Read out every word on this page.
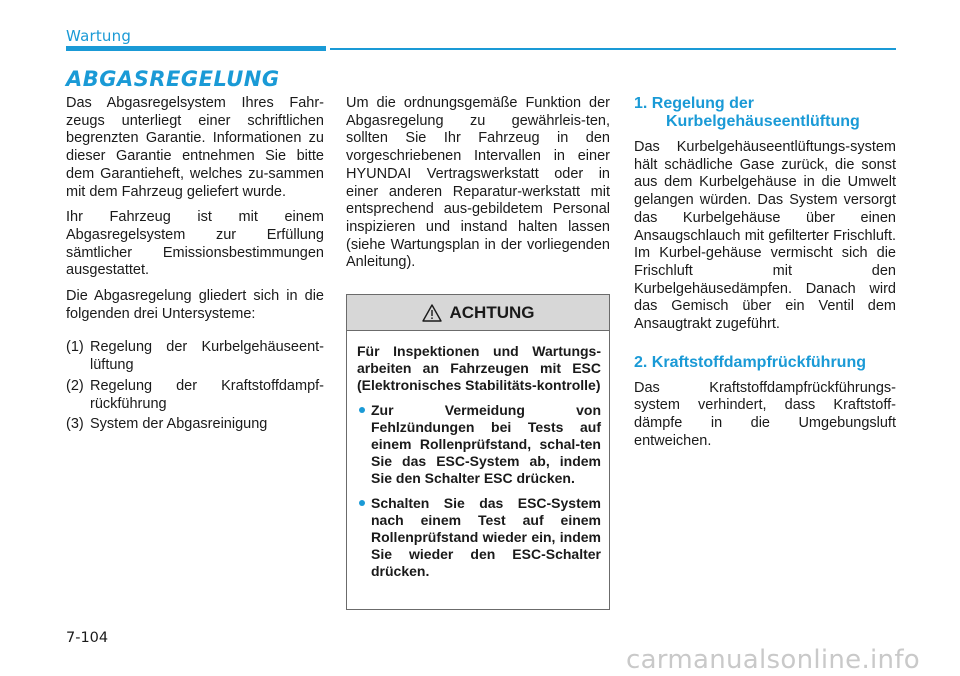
Wartung
ABGASREGELUNG

Das Abgasregelsystem Ihres Fahr-zeugs unterliegt einer schriftlichen begrenzten Garantie. Informationen zu dieser Garantie entnehmen Sie bitte dem Garantieheft, welches zu-sammen mit dem Fahrzeug geliefert wurde.

Ihr Fahrzeug ist mit einem Abgasregelsystem zur Erfüllung sämtlicher Emissionsbestimmungen ausgestattet.

Die Abgasregelung gliedert sich in die folgenden drei Untersysteme:

(1) Regelung der Kurbelgehäuseent-lüftung
(2) Regelung der Kraftstoffdampf-rückführung
(3) System der Abgasreinigung

Um die ordnungsgemäße Funktion der Abgasregelung zu gewährleis-ten, sollten Sie Ihr Fahrzeug in den vorgeschriebenen Intervallen in einer HYUNDAI Vertragswerkstatt oder in einer anderen Reparatur-werkstatt mit entsprechend aus-gebildetem Personal inspizieren und instand halten lassen (siehe Wartungsplan in der vorliegenden Anleitung).

ACHTUNG

Für Inspektionen und Wartungs-arbeiten an Fahrzeugen mit ESC (Elektronisches Stabilitäts-kontrolle)

Zur Vermeidung von Fehlzündungen bei Tests auf einem Rollenprüfstand, schal-ten Sie das ESC-System ab, indem Sie den Schalter ESC drücken.
Schalten Sie das ESC-System nach einem Test auf einem Rollenprüfstand wieder ein, indem Sie wieder den ESC-Schalter drücken.
1. Regelung der Kurbelgehäuseentlüftung

Das Kurbelgehäuseentlüftungs-system hält schädliche Gase zurück, die sonst aus dem Kurbelgehäuse in die Umwelt gelangen würden. Das System versorgt das Kurbelgehäuse über einen Ansaugschlauch mit gefilterter Frischluft. Im Kurbel-gehäuse vermischt sich die Frischluft mit den Kurbelgehäusedämpfen. Danach wird das Gemisch über ein Ventil dem Ansaugtrakt zugeführt.

2. Kraftstoffdampfrückführung

Das Kraftstoffdampfrückführungs-system verhindert, dass Kraftstoff-dämpfe in die Umgebungsluft entweichen.

7-104
carmanualsonline.info
